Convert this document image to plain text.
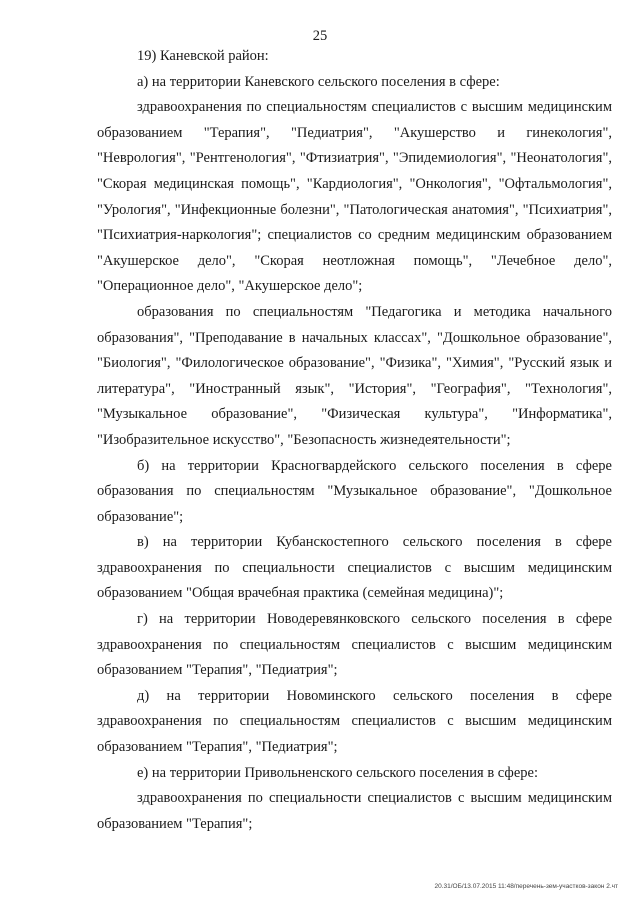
25

19) Каневской район:

а) на территории Каневского сельского поселения в сфере:

здравоохранения по специальностям специалистов с высшим медицинским образованием "Терапия", "Педиатрия", "Акушерство и гинекология", "Неврология", "Рентгенология", "Фтизиатрия", "Эпидемиология", "Неонатология", "Скорая медицинская помощь", "Кардиология", "Онкология", "Офтальмология", "Урология", "Инфекционные болезни", "Патологическая анатомия", "Психиатрия", "Психиатрия-наркология"; специалистов со средним медицинским образованием "Акушерское дело", "Скорая неотложная помощь", "Лечебное дело", "Операционное дело", "Акушерское дело";

образования по специальностям "Педагогика и методика начального образования", "Преподавание в начальных классах", "Дошкольное образование", "Биология", "Филологическое образование", "Физика", "Химия", "Русский язык и литература", "Иностранный язык", "История", "География", "Технология", "Музыкальное образование", "Физическая культура", "Информатика", "Изобразительное искусство", "Безопасность жизнедеятельности";

б) на территории Красногвардейского сельского поселения в сфере образования по специальностям "Музыкальное образование", "Дошкольное образование";

в) на территории Кубанскостепного сельского поселения в сфере здравоохранения по специальности специалистов с высшим медицинским образованием "Общая врачебная практика (семейная медицина)";

г) на территории Новодеревянковского сельского поселения в сфере здравоохранения по специальностям специалистов с высшим медицинским образованием "Терапия", "Педиатрия";

д) на территории Новоминского сельского поселения в сфере здравоохранения по специальностям специалистов с высшим медицинским образованием "Терапия", "Педиатрия";

е) на территории Привольненского сельского поселения в сфере:

здравоохранения по специальности специалистов с высшим медицинским образованием "Терапия";

20.31/ОБ/13.07.2015 11:48/перечень-зем-участков-закон 2.чт
